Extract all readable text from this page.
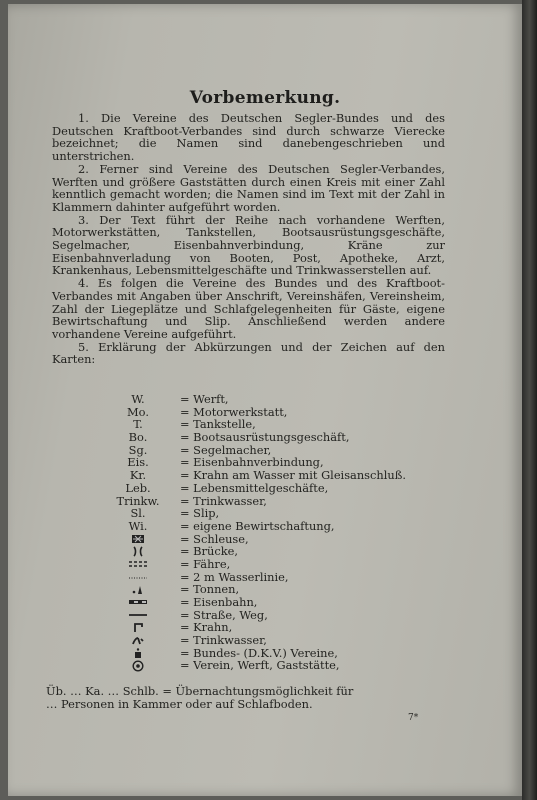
Vorbemerkung.

1. Die Vereine des Deutschen Segler-Bundes und des Deutschen Kraftboot-Verbandes sind durch schwarze Vierecke bezeichnet; die Namen sind danebengeschrieben und unterstrichen.

2. Ferner sind Vereine des Deutschen Segler-Verbandes, Werften und größere Gaststätten durch einen Kreis mit einer Zahl kenntlich gemacht worden; die Namen sind im Text mit der Zahl in Klammern dahinter aufgeführt worden.

3. Der Text führt der Reihe nach vorhandene Werften, Motorwerkstätten, Tankstellen, Bootsausrüstungsgeschäfte, Segelmacher, Eisenbahnverbindung, Kräne zur Eisenbahnverladung von Booten, Post, Apotheke, Arzt, Krankenhaus, Lebensmittelgeschäfte und Trinkwasserstellen auf.

4. Es folgen die Vereine des Bundes und des Kraftboot-Verbandes mit Angaben über Anschrift, Vereinshäfen, Vereinsheim, Zahl der Liegeplätze und Schlafgelegenheiten für Gäste, eigene Bewirtschaftung und Slip. Anschließend werden andere vorhandene Vereine aufgeführt.

5. Erklärung der Abkürzungen und der Zeichen auf den Karten:

W.	= Werft,
Mo.	= Motorwerkstatt,
T.	= Tankstelle,
Bo.	= Bootsausrüstungsgeschäft,
Sg.	= Segelmacher,
Eis.	= Eisenbahnverbindung,
Kr.	= Krahn am Wasser mit Gleisanschluß.
Leb.	= Lebensmittelgeschäfte,
Trinkw.	= Trinkwasser,
Sl.	= Slip,
Wi.	= eigene Bewirtschaftung,
= Schleuse,
= Brücke,
= Fähre,
= 2 m Wasserlinie,
= Tonnen,
= Eisenbahn,
= Straße, Weg,
= Krahn,
= Trinkwasser,
= Bundes- (D.K.V.) Vereine,
= Verein, Werft, Gaststätte,
Üb. … Ka. … Schlb. = Übernachtungsmöglichkeit für
… Personen in Kammer oder auf Schlafboden.
7*
